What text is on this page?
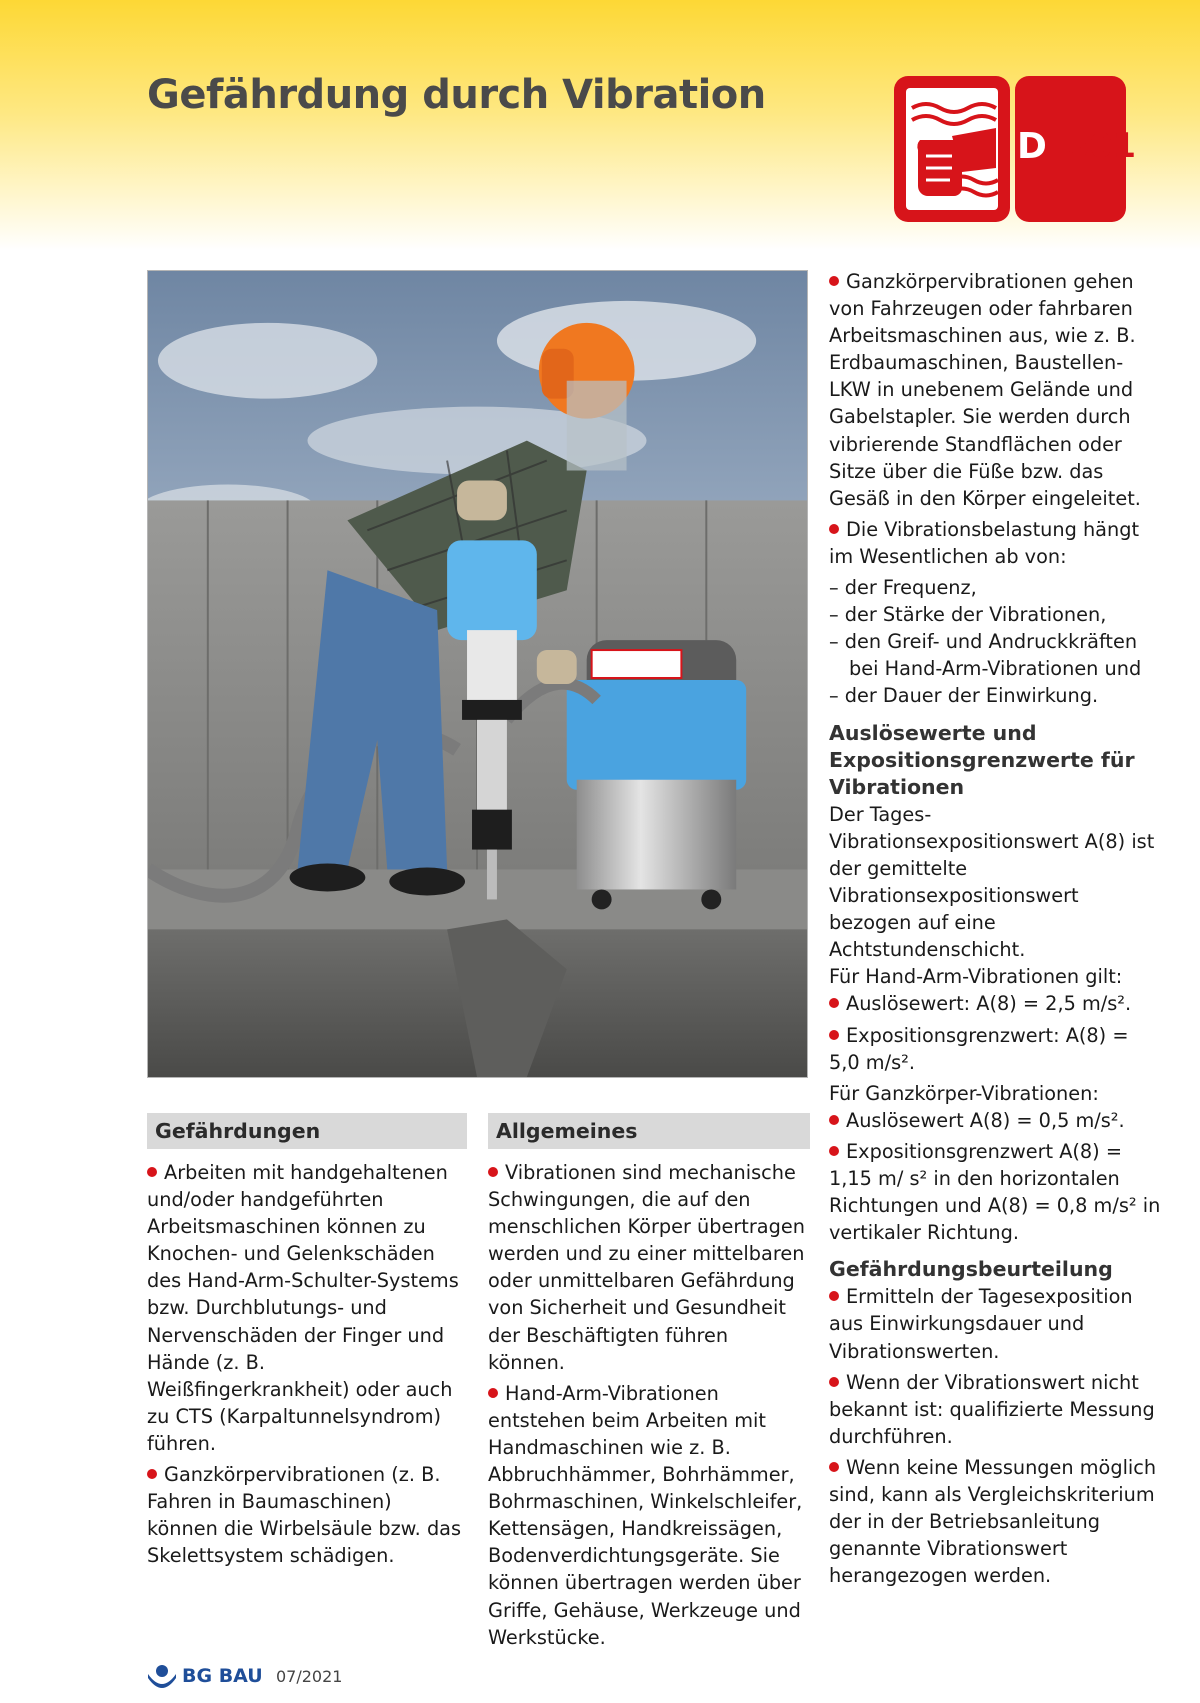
Gefährdung durch Vibration
D 501
Gefährdungen

Arbeiten mit handgehaltenen und/oder handgeführten Arbeitsmaschinen können zu Knochen- und Gelenkschäden des Hand-Arm-Schulter-Systems bzw. Durchblutungs- und Nervenschäden der Finger und Hände (z. B. Weißfingerkrankheit) oder auch zu CTS (Karpaltunnelsyndrom) führen.

Ganzkörpervibrationen (z. B. Fahren in Baumaschinen) können die Wirbelsäule bzw. das Skelettsystem schädigen.

Allgemeines

Vibrationen sind mechanische Schwingungen, die auf den menschlichen Körper übertragen werden und zu einer mittelbaren oder unmittelbaren Gefährdung von Sicherheit und Gesundheit der Beschäftigten führen können.

Hand-Arm-Vibrationen entstehen beim Arbeiten mit Handmaschinen wie z. B. Abbruchhämmer, Bohrhämmer, Bohrmaschinen, Winkelschleifer, Kettensägen, Handkreissägen, Bodenverdichtungsgeräte. Sie können übertragen werden über Griffe, Gehäuse, Werkzeuge und Werkstücke.

Ganzkörpervibrationen gehen von Fahrzeugen oder fahrbaren Arbeitsmaschinen aus, wie z. B. Erdbaumaschinen, Baustellen-LKW in unebenem Gelände und Gabelstapler. Sie werden durch vibrierende Standflächen oder Sitze über die Füße bzw. das Gesäß in den Körper eingeleitet.

Die Vibrationsbelastung hängt im Wesentlichen ab von:

– der Frequenz,

– der Stärke der Vibrationen,

– den Greif- und Andruckkräften bei Hand-Arm-Vibrationen und

– der Dauer der Einwirkung.

Auslösewerte und Expositionsgrenzwerte für Vibrationen

Der Tages-Vibrationsexpositionswert A(8) ist der gemittelte Vibrationsexpositionswert bezogen auf eine Achtstundenschicht.

Für Hand-Arm-Vibrationen gilt:

Auslösewert: A(8) = 2,5 m/s².

Expositionsgrenzwert: A(8) = 5,0 m/s².

Für Ganzkörper-Vibrationen:

Auslösewert A(8) = 0,5 m/s².

Expositionsgrenzwert A(8) = 1,15 m/ s² in den horizontalen Richtungen und A(8) = 0,8 m/s² in vertikaler Richtung.

Gefährdungsbeurteilung

Ermitteln der Tagesexposition aus Einwirkungsdauer und Vibrationswerten.

Wenn der Vibrationswert nicht bekannt ist: qualifizierte Messung durchführen.

Wenn keine Messungen möglich sind, kann als Vergleichskriterium der in der Betriebsanleitung genannte Vibrationswert herangezogen werden.

BG BAU 07/2021
